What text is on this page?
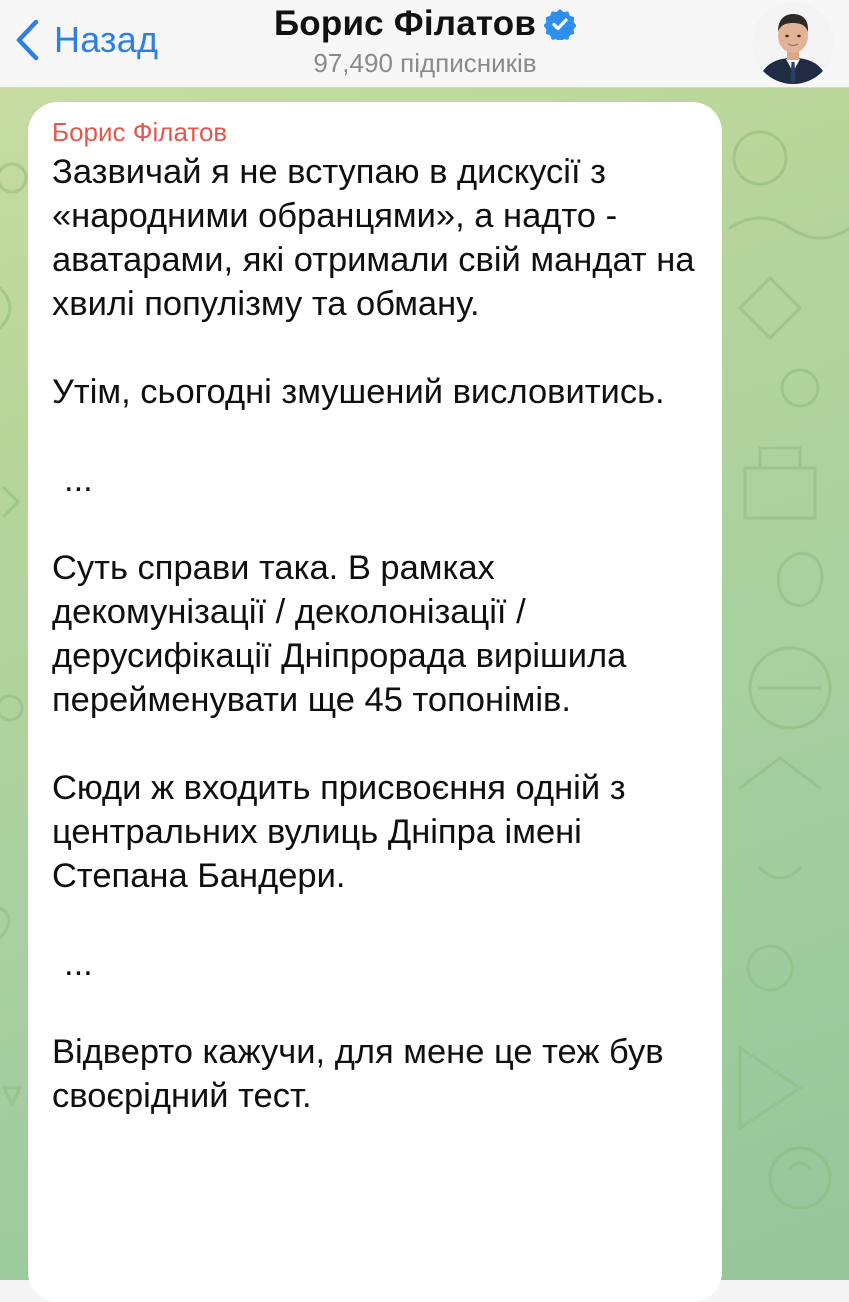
Назад	Борис Філатов
97,490 підписників
Борис Філатов

Зазвичай я не вступаю в дискусії з «народними обранцями», а надто - аватарами, які отримали свій мандат на хвилі популізму та обману.

Утім, сьогодні змушений висловитись.

...

Суть справи така. В рамках декомунізації / деколонізації / дерусифікації Дніпрорада вирішила перейменувати ще 45 топонімів.

Сюди ж входить присвоєння одній з центральних вулиць Дніпра імені Степана Бандери.

...

Відверто кажучи, для мене це теж був своєрідний тест.
